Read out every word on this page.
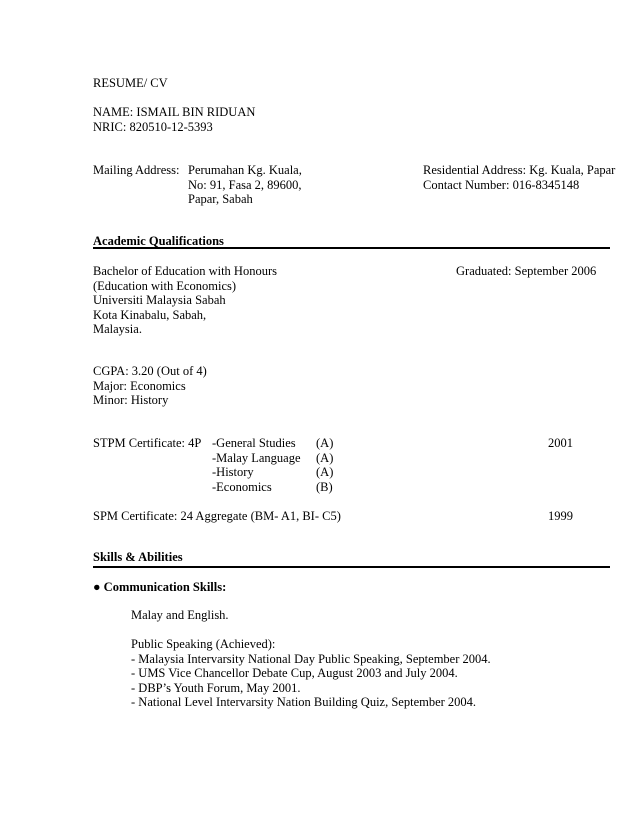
RESUME/ CV
NAME: ISMAIL BIN RIDUAN
NRIC: 820510-12-5393
Mailing Address: Perumahan Kg. Kuala,
No: 91, Fasa 2, 89600,
Papar, Sabah
Residential Address: Kg. Kuala, Papar
Contact Number: 016-8345148
Academic Qualifications
Bachelor of Education with Honours
(Education with Economics)
Universiti Malaysia Sabah
Kota Kinabalu, Sabah,
Malaysia.
Graduated: September 2006
CGPA: 3.20 (Out of 4)
Major: Economics
Minor: History
STPM Certificate: 4P -General Studies
-Malay Language
-History
-Economics
(A)
(A)
(A)
(B)
2001
SPM Certificate: 24 Aggregate (BM- A1, BI- C5)	1999
Skills & Abilities
● Communication Skills:
Malay and English.
Public Speaking (Achieved):
- Malaysia Intervarsity National Day Public Speaking, September 2004.
- UMS Vice Chancellor Debate Cup, August 2003 and July 2004.
- DBP’s Youth Forum, May 2001.
- National Level Intervarsity Nation Building Quiz, September 2004.
